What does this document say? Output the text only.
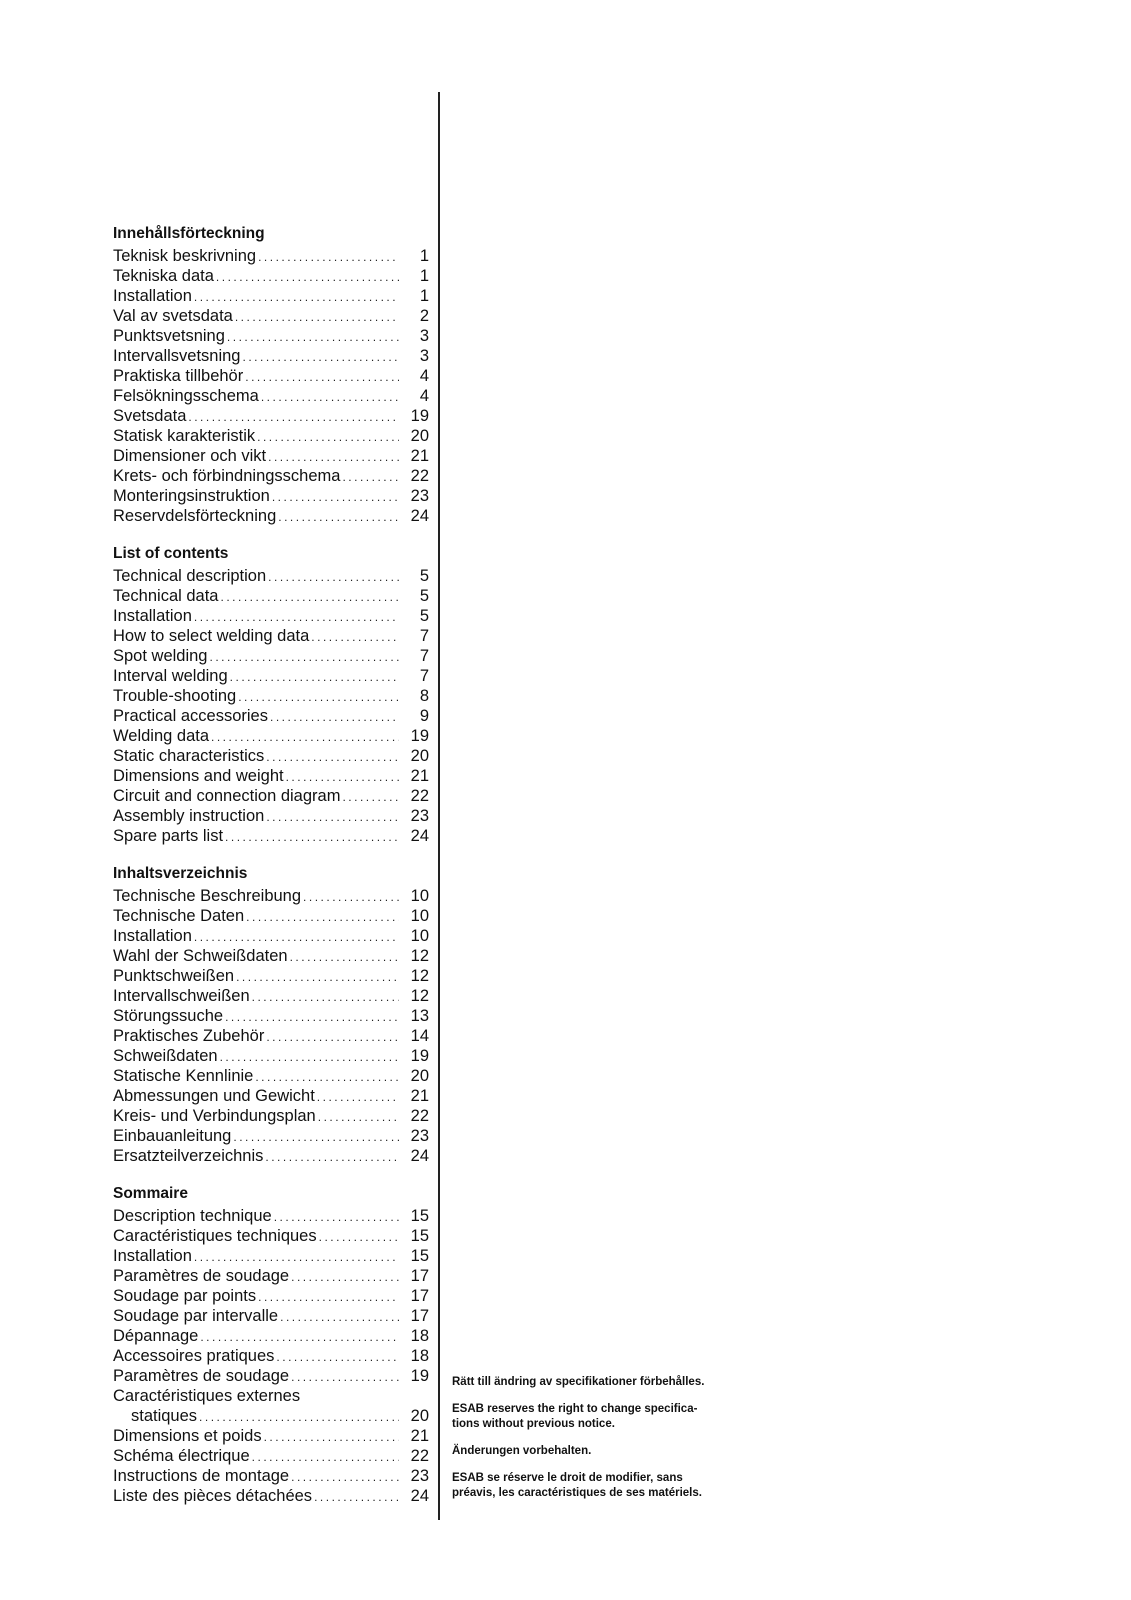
Innehållsförteckning
Teknisk beskrivning .....	1
Tekniska data .....	1
Installation .....	1
Val av svetsdata .....	2
Punktsvetsning .....	3
Intervallsvetsning .....	3
Praktiska tillbehör .....	4
Felsökningsschema .....	4
Svetsdata .....	19
Statisk karakteristik .....	20
Dimensioner och vikt .....	21
Krets- och förbindningsschema .....	22
Monteringsinstruktion .....	23
Reservdelsförteckning .....	24
List of contents
Technical description .....	5
Technical data .....	5
Installation .....	5
How to select welding data .....	7
Spot welding .....	7
Interval welding .....	7
Trouble-shooting .....	8
Practical accessories .....	9
Welding data .....	19
Static characteristics .....	20
Dimensions and weight .....	21
Circuit and connection diagram .....	22
Assembly instruction .....	23
Spare parts list .....	24
Inhaltsverzeichnis
Technische Beschreibung .....	10
Technische Daten .....	10
Installation .....	10
Wahl der Schweißdaten .....	12
Punktschweißen .....	12
Intervallschweißen .....	12
Störungssuche .....	13
Praktisches Zubehör .....	14
Schweißdaten .....	19
Statische Kennlinie .....	20
Abmessungen und Gewicht .....	21
Kreis- und Verbindungsplan .....	22
Einbauanleitung .....	23
Ersatzteilverzeichnis .....	24
Sommaire
Description technique .....	15
Caractéristiques techniques .....	15
Installation .....	15
Paramètres de soudage .....	17
Soudage par points .....	17
Soudage par intervalle .....	17
Dépannage .....	18
Accessoires pratiques .....	18
Paramètres de soudage .....	19
Caractéristiques externes
statiques .....	20
Dimensions et poids .....	21
Schéma électrique .....	22
Instructions de montage .....	23
Liste des pièces détachées .....	24
Rätt till ändring av specifikationer förbehålles.
ESAB reserves the right to change specifica-
tions without previous notice.
Änderungen vorbehalten.
ESAB se réserve le droit de modifier, sans
préavis, les caractéristiques de ses matériels.
